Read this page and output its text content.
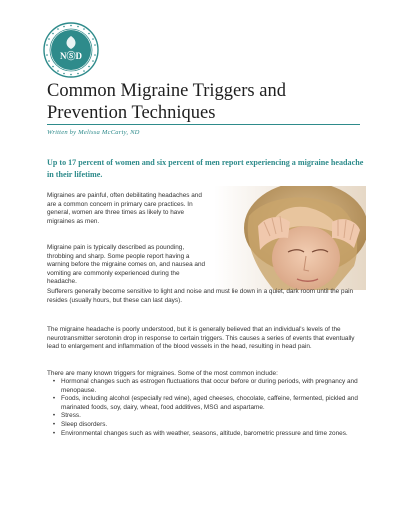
NⓈD
Common Migraine Triggers and
Prevention Techniques
Written by Melissa McCarty, ND

Up to 17 percent of women and six percent of men report experiencing a migraine headache in their lifetime.

Migraines are painful, often debilitating headaches and are a common concern in primary care practices. In general, women are three times as likely to have migraines as men.

Migraine pain is typically described as pounding, throbbing and sharp. Some people report having a warning before the migraine comes on, and nausea and vomiting are commonly experienced during the headache.

Sufferers generally become sensitive to light and noise and must lie down in a quiet, dark room until the pain resides (usually hours, but these can last days).

The migraine headache is poorly understood, but it is generally believed that an individual's levels of the neurotransmitter serotonin drop in response to certain triggers. This causes a series of events that eventually lead to enlargement and inflammation of the blood vessels in the head, resulting in head pain.

There are many known triggers for migraines. Some of the most common include:

• Hormonal changes such as estrogen fluctuations that occur before or during periods, with pregnancy and menopause.
• Foods, including alcohol (especially red wine), aged cheeses, chocolate, caffeine, fermented, pickled and marinated foods, soy, dairy, wheat, food additives, MSG and aspartame.
• Stress.
• Sleep disorders.
• Environmental changes such as with weather, seasons, altitude, barometric pressure and time zones.
